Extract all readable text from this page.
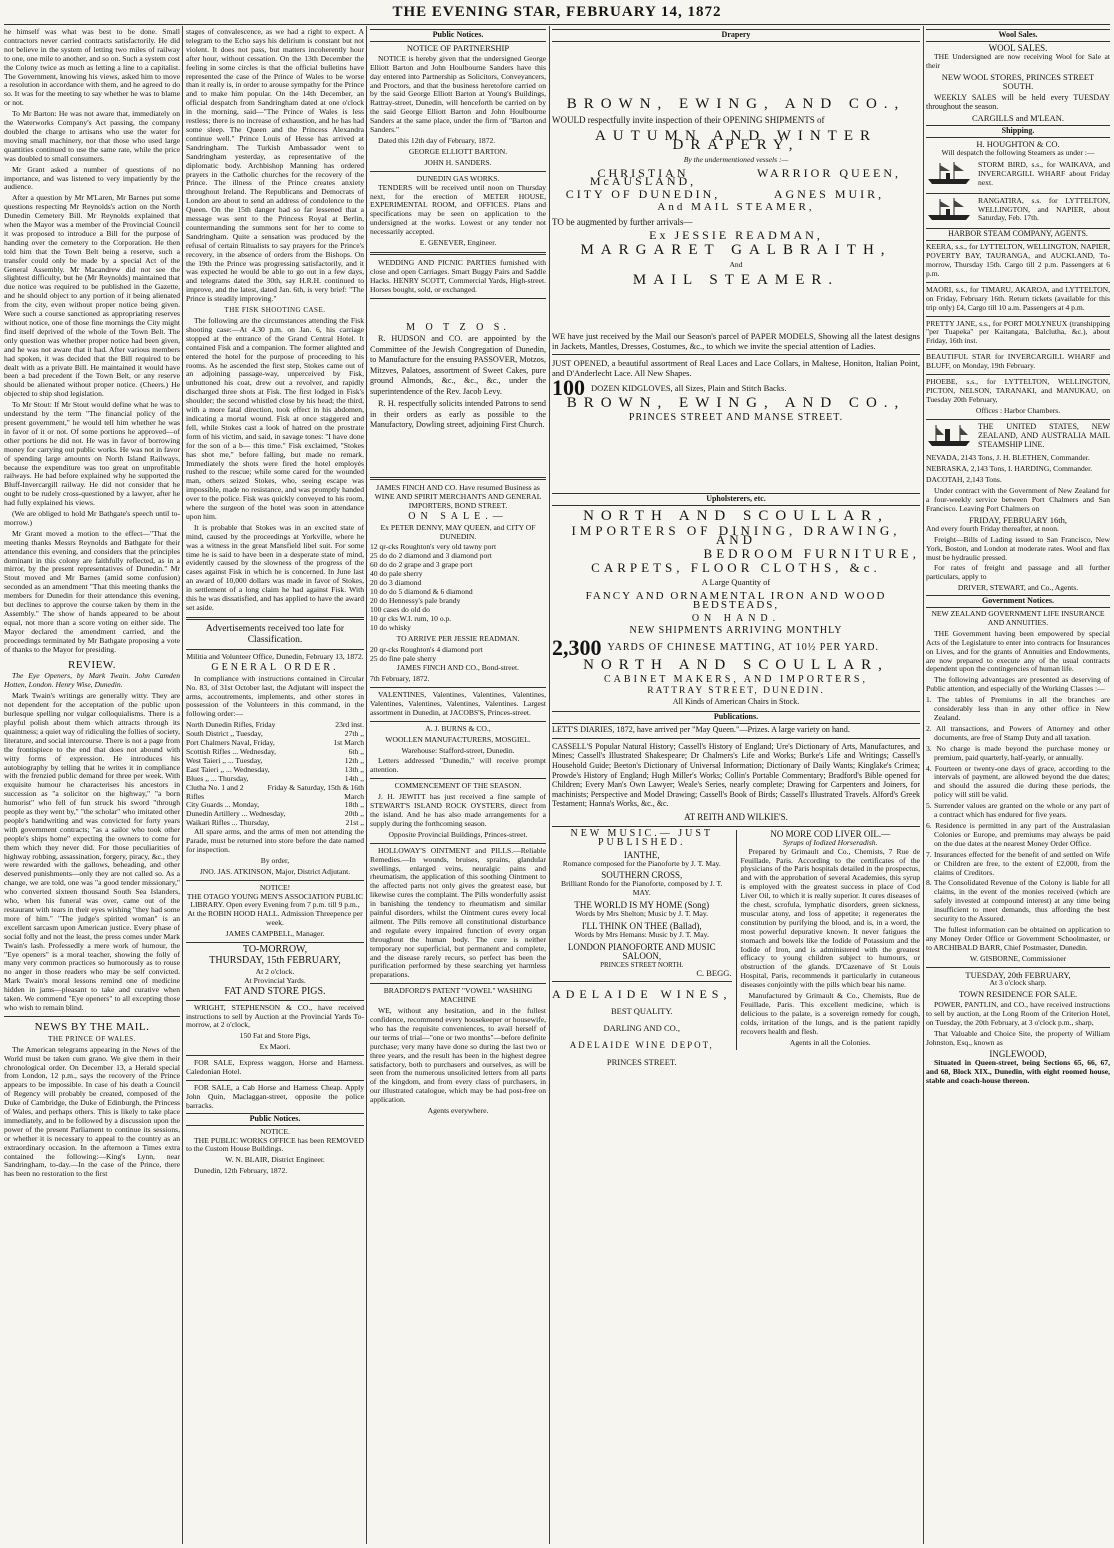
THE EVENING STAR, FEBRUARY 14, 1872

he himself was what was best to be done. Small contractors never carried contracts satisfactorily. He did not believe in the system of letting two miles of railway to one, one mile to another, and so on. Such a system cost the Colony twice as much as letting a line to a capitalist. The Government, knowing his views, asked him to move a resolution in accordance with them, and he agreed to do so. It was for the meeting to say whether he was to blame or not.

To Mr Barton: He was not aware that, immediately on the Waterworks Company's Act passing, the company doubled the charge to artisans who use the water for moving small machinery, nor that those who used large quantities continued to use the same rate, while the price was doubled to small consumers.

Mr Grant asked a number of questions of no importance, and was listened to very impatiently by the audience.

After a question by Mr M'Laren, Mr Barnes put some questions respecting Mr Reynolds's action on the North Dunedin Cemetery Bill. Mr Reynolds explained that when the Mayor was a member of the Provincial Council it was proposed to introduce a Bill for the purpose of handing over the cemetery to the Corporation. He then told him that the Town Belt being a reserve, such a transfer could only be made by a special Act of the General Assembly. Mr Macandrew did not see the slightest difficulty, but he (Mr Reynolds) maintained that due notice was required to be published in the Gazette, and he should object to any portion of it being alienated from the city, even without proper notice being given. Were such a course sanctioned as appropriating reserves without notice, one of those fine mornings the City might find itself deprived of the whole of the Town Belt. The only question was whether proper notice had been given, and he was not aware that it had. After various members had spoken, it was decided that the Bill required to be dealt with as a private Bill. He maintained it would have been a bad precedent if the Town Belt, or any reserve should be alienated without proper notice. (Cheers.) He objected to ship shod legislation.

To Mr Stout: If Mr Stout would define what he was to understand by the term "The financial policy of the present government," he would tell him whether he was in favor of it or not. Of some portions he approved—of other portions he did not. He was in favor of borrowing money for carrying out public works. He was not in favor of spending large amounts on North Island Railways, because the expenditure was too great on unprofitable railways. He had before explained why he supported the Bluff-Invercargill railway. He did not consider that he ought to be rudely cross-questioned by a lawyer, after he had fully explained his views.

(We are obliged to hold Mr Bathgate's speech until to-morrow.)

Mr Grant moved a motion to the effect—"That the meeting thanks Messrs Reynolds and Bathgate for their attendance this evening, and considers that the principles dominant in this colony are faithfully reflected, as in a mirror, by the present representatives of Dunedin." Mr Stout moved and Mr Barnes (amid some confusion) seconded as an amendment "That this meeting thanks the members for Dunedin for their attendance this evening, but declines to approve the course taken by them in the Assembly." The show of hands appeared to be about equal, not more than a score voting on either side. The Mayor declared the amendment carried, and the proceedings terminated by Mr Bathgate proposing a vote of thanks to the Mayor for presiding.

REVIEW.

The Eye Openers, by Mark Twain. John Camden Hotten, London. Henry Wise, Dunedin.

Mark Twain's writings are generally witty. They are not dependent for the acceptation of the public upon burlesque spelling nor vulgar colloquialisms. There is a playful polish about them which attracts through its quaintness; a quiet way of ridiculing the follies of society, literature, and social intercourse. There is not a page from the frontispiece to the end that does not abound with witty forms of expression. He introduces his autobiography by telling that he writes it in compliance with the frenzied public demand for three per week. With exquisite humour he characterises his ancestors in succession as "a solicitor on the highway," "a born humorist" who fell of fun struck his sword "through people as they went by," "the scholar" who imitated other people's handwriting and was convicted for forty years with government contracts; "as a sailor who took other people's ships home" expecting the owners to come for them which they never did. For those peculiarities of highway robbing, assassination, forgery, piracy, &c., they were rewarded with the gallows, beheading, and other deserved punishments—only they are not called so. As a change, we are told, one was "a good tender missionary," who converted sixteen thousand South Sea Islanders, who, when his funeral was over, came out of the restaurant with tears in their eyes wishing "they had some more of him." "The judge's spirited woman" is an excellent sarcasm upon American justice. Every phase of social folly and not the least, the press comes under Mark Twain's lash. Professedly a mere work of humour, the "Eye openers" is a moral teacher, showing the folly of many very common practices so humorously as to rouse no anger in those readers who may be self convicted. Mark Twain's moral lessons remind one of medicine hidden in jams—pleasant to take and curative when taken. We commend "Eye openers" to all excepting those who wish to remain blind.

NEWS BY THE MAIL.
THE PRINCE OF WALES.

The American telegrams appearing in the News of the World must be taken cum grano. We give them in their chronological order. On December 13, a Herald special from London, 12 p.m., says the recovery of the Prince appears to be impossible. In case of his death a Council of Regency will probably be created, composed of the Duke of Cambridge, the Duke of Edinburgh, the Princess of Wales, and perhaps others. This is likely to take place immediately, and to be followed by a discussion upon the power of the present Parliament to continue its sessions, or whether it is necessary to appeal to the country as an extraordinary occasion. In the afternoon a Times extra contained the following:—King's Lynn, near Sandringham, to-day.—In the case of the Prince, there has been no restoration to the first

stages of convalescence, as we had a right to expect. A telegram to the Echo says his delirium is constant but not violent. It does not pass, but matters incoherently hour after hour, without cessation. On the 13th December the feeling in some circles is that the official bulletins have represented the case of the Prince of Wales to be worse than it really is, in order to arouse sympathy for the Prince and to make him popular. On the 14th December, an official despatch from Sandringham dated at one o'clock in the morning, said—"The Prince of Wales is less restless; there is no increase of exhaustion, and he has had some sleep. The Queen and the Princess Alexandra continue well." Prince Louis of Hesse has arrived at Sandringham. The Turkish Ambassador went to Sandringham yesterday, as representative of the diplomatic body. Archbishop Manning has ordered prayers in the Catholic churches for the recovery of the Prince. The illness of the Prince creates anxiety throughout Ireland. The Republicans and Democrats of London are about to send an address of condolence to the Queen. On the 15th danger had so far lessened that a message was sent to the Princess Royal at Berlin, countermanding the summons sent for her to come to Sandringham. Quite a sensation was produced by the refusal of certain Ritualists to say prayers for the Prince's recovery, in the absence of orders from the Bishops. On the 19th the Prince was progressing satisfactorily, and it was expected he would be able to go out in a few days, and telegrams dated the 30th, say H.R.H. continued to improve, and the latest, dated Jan. 6th, is very brief: "The Prince is steadily improving."

THE FISK SHOOTING CASE.

The following are the circumstances attending the Fisk shooting case:—At 4.30 p.m. on Jan. 6, his carriage stopped at the entrance of the Grand Central Hotel. It contained Fisk and a companion. The former alighted and entered the hotel for the purpose of proceeding to his rooms. As he ascended the first step, Stokes came out of an adjoining passage-way, unperceived by Fisk, unbuttoned his coat, drew out a revolver, and rapidly discharged three shots at Fisk. The first lodged in Fisk's shoulder; the second whistled close by his head; the third, with a more fatal direction, took effect in his abdomen, indicating a mortal wound. Fisk at once staggered and fell, while Stokes cast a look of hatred on the prostrate form of his victim, and said, in savage tones: "I have done for the son of a b— this time." Fisk exclaimed, "Stokes has shot me," before falling, but made no remark. Immediately the shots were fired the hotel employés rushed to the rescue; while some cared for the wounded man, others seized Stokes, who, seeing escape was impossible, made no resistance, and was promptly handed over to the police. Fisk was quickly conveyed to his room, where the surgeon of the hotel was soon in attendance upon him.

It is probable that Stokes was in an excited state of mind, caused by the proceedings at Yorkville, where he was a witness in the great Mansfield libel suit. For some time he is said to have been in a desperate state of mind, evidently caused by the slowness of the progress of the cases against Fisk in which he is concerned. In June last an award of 10,000 dollars was made in favor of Stokes, in settlement of a long claim he had against Fisk. With this he was dissatisfied, and has applied to have the award set aside.

Advertisements received too late for Classification.

Militia and Volunteer Office, Dunedin, February 13, 1872.

GENERAL ORDER.

In compliance with instructions contained in Circular No. 83, of 31st October last, the Adjutant will inspect the arms, accoutrements, implements, and other stores in possession of the Volunteers in this command, in the following order:—

North Dunedin Rifles, Friday	23rd inst.
South District ,, Tuesday,	27th ,,
Port Chalmers Naval, Friday,	1st March
Scottish Rifles ... Wednesday,	6th ,,
West Taieri ,, ... Tuesday,	12th ,,
East Taieri ,, ... Wednesday,	13th ,,
Blues ,, ... Thursday,	14th ,,
Clutha No. 1 and 2 Rifles
Friday & Saturday, 15th & 16th March
City Guards ... Monday,	18th ,,
Dunedin Artillery ... Wednesday,	20th ,,
Waikari Rifles ... Thursday,	21st ,,

All spare arms, and the arms of men not attending the Parade, must be returned into store before the date named for inspection.

By order,

JNO. JAS. ATKINSON, Major, District Adjutant.

NOTICE!

THE OTAGO YOUNG MEN'S ASSOCIATION PUBLIC LIBRARY. Open every Evening from 7 p.m. till 9 p.m., At the ROBIN HOOD HALL. Admission Threepence per week.

JAMES CAMPBELL, Manager.

TO-MORROW,
THURSDAY, 15th FEBRUARY,
At 2 o'clock.
At Provincial Yards.
FAT AND STORE PIGS.

WRIGHT, STEPHENSON & CO., have received instructions to sell by Auction at the Provincial Yards To-morrow, at 2 o'clock,

150 Fat and Store Pigs,

Ex Maori.

FOR SALE, Express waggon, Horse and Harness. Caledonian Hotel.

FOR SALE, a Cab Horse and Harness Cheap. Apply John Quin, Maclaggan-street, opposite the police barracks.

Public Notices.
NOTICE.

THE PUBLIC WORKS OFFICE has been REMOVED to the Custom House Buildings.

W. N. BLAIR, District Engineer.

Dunedin, 12th February, 1872.

Public Notices.
NOTICE OF PARTNERSHIP

NOTICE is hereby given that the undersigned George Elliott Barton and John Houlbourne Sanders have this day entered into Partnership as Solicitors, Conveyancers, and Proctors, and that the business heretofore carried on by the said George Elliott Barton at Young's Buildings, Rattray-street, Dunedin, will henceforth be carried on by the said George Elliott Barton and John Houlbourne Sanders at the same place, under the firm of "Barton and Sanders."

Dated this 12th day of February, 1872.

GEORGE ELLIOTT BARTON.

JOHN H. SANDERS.

DUNEDIN GAS WORKS.

TENDERS will be received until noon on Thursday next, for the erection of METER HOUSE, EXPERIMENTAL ROOM, and OFFICES. Plans and specifications may be seen on application to the undersigned at the works. Lowest or any tender not necessarily accepted.

E. GENEVER, Engineer.

WEDDING AND PICNIC PARTIES furnished with close and open Carriages. Smart Buggy Pairs and Saddle Hacks. HENRY SCOTT, Commercial Yards, High-street. Horses bought, sold, or exchanged.

M O T Z O S.

R. HUDSON and CO. are appointed by the Committee of the Jewish Congregation of Dunedin, to Manufacture for the ensuing PASSOVER, Motzos, Mitzves, Palatoes, assortment of Sweet Cakes, pure ground Almonds, &c., &c., &c., under the superintendence of the Rev. Jacob Levy.

R. H. respectfully solicits intended Patrons to send in their orders as early as possible to the Manufactory, Dowling street, adjoining First Church.

JAMES FINCH AND CO. Have resumed Business as WINE AND SPIRIT MERCHANTS AND GENERAL IMPORTERS, BOND STREET.

ON SALE.—

Ex PETER DENNY, MAY QUEEN, and CITY OF DUNEDIN.

12 qr-cks Roughton's very old tawny port
25 do do 2 diamond and 3 diamond port
60 do do 2 grape and 3 grape port
40 do pale sherry
20 do 3 diamond
10 do do 5 diamond & 6 diamond
20 do Hennessy's pale brandy
100 cases do old do
10 qr cks W.I. rum, 10 o.p.
10 do whisky

TO ARRIVE PER JESSIE READMAN.

20 qr-cks Roughton's 4 diamond port
25 do fine pale sherry

JAMES FINCH AND CO., Bond-street.

7th February, 1872.

VALENTINES, Valentines, Valentines, Valentines, Valentines, Valentines, Valentines, Valentines. Largest assortment in Dunedin, at JACOBS'S, Princes-street.

A. J. BURNS & CO.,

WOOLLEN MANUFACTURERS, MOSGIEL.

Warehouse: Stafford-street, Dunedin.

Letters addressed "Dunedin," will receive prompt attention.

COMMENCEMENT OF THE SEASON.

J. H. JEWITT has just received a fine sample of STEWART'S ISLAND ROCK OYSTERS, direct from the island. And he has also made arrangements for a supply during the forthcoming season.

Opposite Provincial Buildings, Princes-street.

HOLLOWAY'S OINTMENT and PILLS.—Reliable Remedies.—In wounds, bruises, sprains, glandular swellings, enlarged veins, neuralgic pains and rheumatism, the application of this soothing Ointment to the affected parts not only gives the greatest ease, but likewise cures the complaint. The Pills wonderfully assist in banishing the tendency to rheumatism and similar painful disorders, whilst the Ointment cures every local ailment. The Pills remove all constitutional disturbance and regulate every impaired function of every organ throughout the human body. The cure is neither temporary nor superficial, but permanent and complete, and the disease rarely recurs, so perfect has been the purification performed by these searching yet harmless preparations.

BRADFORD'S PATENT "VOWEL" WASHING MACHINE

WE, without any hesitation, and in the fullest confidence, recommend every housekeeper or housewife, who has the requisite conveniences, to avail herself of our terms of trial—"one or two months"—before definite purchase; very many have done so during the last two or three years, and the result has been in the highest degree satisfactory, both to purchasers and ourselves, as will be seen from the numerous unsolicited letters from all parts of the kingdom, and from every class of purchasers, in our illustrated catalogue, which may be had post-free on application.

Agents everywhere.

Drapery
BROWN, EWING, AND CO.,

WOULD respectfully invite inspection of their OPENING SHIPMENTS of

AUTUMN AND WINTER DRAPERY,

By the undermentioned vessels :—

CHRISTIAN McAUSLAND,
WARRIOR QUEEN,
CITY OF DUNEDIN,	AGNES MUIR,
And MAIL STEAMER,

TO be augmented by further arrivals—

Ex JESSIE READMAN,
MARGARET GALBRAITH,
And
MAIL STEAMER.

WE have just received by the Mail our Season's parcel of PAPER MODELS, Showing all the latest designs in Jackets, Mantles, Dresses, Costumes, &c., to which we invite the special attention of Ladies.

JUST OPENED, a beautiful assortment of Real Laces and Lace Collars, in Maltese, Honiton, Italian Point, and D'Anderlecht Lace. All New Shapes.

100 DOZEN KIDGLOVES, all Sizes, Plain and Stitch Backs.
BROWN, EWING, AND CO.,
PRINCES STREET AND MANSE STREET.
Upholsterers, etc.
NORTH AND SCOULLAR,
IMPORTERS OF DINING, DRAWING, AND
BEDROOM FURNITURE,
CARPETS, FLOOR CLOTHS, &c.
A Large Quantity of
FANCY AND ORNAMENTAL IRON AND WOOD BEDSTEADS,
ON HAND.
NEW SHIPMENTS ARRIVING MONTHLY
2,300 YARDS OF CHINESE MATTING, AT 10½ PER YARD.
NORTH AND SCOULLAR,
CABINET MAKERS, AND IMPORTERS,
RATTRAY STREET, DUNEDIN.
All Kinds of American Chairs in Stock.
Publications.

LETT'S DIARIES, 1872, have arrived per "May Queen."—Prizes. A large variety on hand.

CASSELL'S Popular Natural History; Cassell's History of England; Ure's Dictionary of Arts, Manufactures, and Mines; Cassell's Illustrated Shakespeare; Dr Chalmers's Life and Works; Burke's Life and Writings; Cassell's Household Guide; Beeton's Dictionary of Universal Information; Dictionary of Daily Wants; Kinglake's Crimea; Prowde's History of England; Hugh Miller's Works; Collin's Portable Commentary; Bradford's Bible opened for Children; Every Man's Own Lawyer; Weale's Series, nearly complete; Drawing for Carpenters and Joiners, for machinists; Perspective and Model Drawing; Cassell's Book of Birds; Cassell's Illustrated Travels. Alford's Greek Testament; Hanna's Works, &c., &c.

AT REITH AND WILKIE'S.
NEW MUSIC.— JUST PUBLISHED.
IANTHE,
Romance composed for the Pianoforte by J. T. May.
SOUTHERN CROSS,
Brilliant Rondo for the Pianoforte, composed by J. T. MAY.
THE WORLD IS MY HOME (Song)
Words by Mrs Shelton; Music by J. T. May.
I'LL THINK ON THEE (Ballad),
Words by Mrs Hemans: Music by J. T. May.
LONDON PIANOFORTE AND MUSIC SALOON,
PRINCES STREET NORTH.
C. BEGG.
ADELAIDE WINES,
BEST QUALITY.
DARLING AND CO.,
ADELAIDE WINE DEPOT,
PRINCES STREET.
NO MORE COD LIVER OIL.—
Syrups of Iodized Horseradish.

Prepared by Grimault and Co., Chemists, 7 Rue de Feuillade, Paris. According to the certificates of the physicians of the Paris hospitals detailed in the prospectus, and with the approbation of several Academies, this syrup is employed with the greatest success in place of Cod Liver Oil, to which it is really superior. It cures diseases of the chest, scrofula, lymphatic disorders, green sickness, muscular atony, and loss of appetite; it regenerates the constitution by purifying the blood, and is, in a word, the most powerful depurative known. It never fatigues the stomach and bowels like the Iodide of Potassium and the Iodide of Iron, and is administered with the greatest efficacy to young children subject to humours, or obstruction of the glands. D'Cazenave of St Louis Hospital, Paris, recommends it particularly in cutaneous diseases conjointly with the pills which bear his name.

Manufactured by Grimault & Co., Chemists, Rue de Feuillade, Paris. This excellent medicine, which is delicious to the palate, is a sovereign remedy for cough, colds, irritation of the lungs, and is the patient rapidly recovers health and flesh.

Agents in all the Colonies.

Wool Sales.
WOOL SALES.

THE Undersigned are now receiving Wool for Sale at their

NEW WOOL STORES, PRINCES STREET SOUTH.

WEEKLY SALES will be held every TUESDAY throughout the season.

CARGILLS and M'LEAN.

Shipping.
H. HOUGHTON & CO.

Will despatch the following Steamers as under :—

STORM BIRD, s.s., for WAIKAVA, and INVERCARGILL WHARF about Friday next.

RANGATIRA, s.s. for LYTTELTON, WELLINGTON, and NAPIER, about Saturday, Feb. 17th.

HARBOR STEAM COMPANY, AGENTS.

KEERA, s.s., for LYTTELTON, WELLINGTON, NAPIER, POVERTY BAY, TAURANGA, and AUCKLAND, To-morrow, Thursday 15th. Cargo till 2 p.m. Passengers at 6 p.m.

MAORI, s.s., for TIMARU, AKAROA, and LYTTELTON, on Friday, February 16th. Return tickets (available for this trip only) £4, Cargo till 10 a.m. Passengers at 4 p.m.

PRETTY JANE, s.s., for PORT MOLYNEUX (transhipping "per Tuapeka" per Kaitangata, Balclutha, &c.), about Friday, 16th inst.

BEAUTIFUL STAR for INVERCARGILL WHARF and BLUFF, on Monday, 19th February.

PHOEBE, s.s., for LYTTELTON, WELLINGTON, PICTON, NELSON, TARANAKI, and MANUKAU, on Tuesday 20th February,

Offices : Harbor Chambers.

THE UNITED STATES, NEW ZEALAND, AND AUSTRALIA MAIL STEAMSHIP LINE.

NEVADA, 2143 Tons, J. H. BLETHEN, Commander.

NEBRASKA, 2,143 Tons, I. HARDING, Commander.

DACOTAH, 2,143 Tons.

Under contract with the Government of New Zealand for a four-weekly service between Port Chalmers and San Francisco. Leaving Port Chalmers on

FRIDAY, FEBRUARY 16th,

And every fourth Friday thereafter, at noon.

Freight—Bills of Lading issued to San Francisco, New York, Boston, and London at moderate rates. Wool and flax must be hydraulic pressed.

For rates of freight and passage and all further particulars, apply to

DRIVER, STEWART, and Co., Agents.

Government Notices.

NEW ZEALAND GOVERNMENT LIFE INSURANCE AND ANNUITIES.

THE Government having been empowered by special Acts of the Legislature to enter into contracts for Insurances on Lives, and for the grants of Annuities and Endowments, are now prepared to execute any of the usual contracts dependent upon the contingencies of human life.

The following advantages are presented as deserving of Public attention, and especially of the Working Classes :—

1. The tables of Premiums in all the branches are considerably less than in any other office in New Zealand.

2. All transactions, and Powers of Attorney and other documents, are free of Stamp Duty and all taxation.

3. No charge is made beyond the purchase money or premium, paid quarterly, half-yearly, or annually.

4. Fourteen or twenty-one days of grace, according to the intervals of payment, are allowed beyond the due dates; and should the assured die during these periods, the policy will still be valid.

5. Surrender values are granted on the whole or any part of a contract which has endured for five years.

6. Residence is permitted in any part of the Australasian Colonies or Europe, and premiums may always be paid on the due dates at the nearest Money Order Office.

7. Insurances effected for the benefit of and settled on Wife or Children are free, to the extent of £2,000, from the claims of Creditors.

8. The Consolidated Revenue of the Colony is liable for all claims, in the event of the monies received (which are safely invested at compound interest) at any time being insufficient to meet demands, thus affording the best security to the Assured.

The fullest information can be obtained on application to any Money Order Office or Government Schoolmaster, or to ARCHIBALD BARR, Chief Postmaster, Dunedin.

W. GISBORNE, Commissioner

TUESDAY, 20th FEBRUARY,
At 3 o'clock sharp.
TOWN RESIDENCE FOR SALE.

POWER, PANTLIN, and CO., have received instructions to sell by auction, at the Long Room of the Criterion Hotel, on Tuesday, the 20th February, at 3 o'clock p.m., sharp,

That Valuable and Choice Site, the property of William Johnston, Esq., known as

INGLEWOOD,

Situated in Queen-street, being Sections 65, 66, 67, and 68, Block XIX., Dunedin, with eight roomed house, stable and coach-house thereon.
